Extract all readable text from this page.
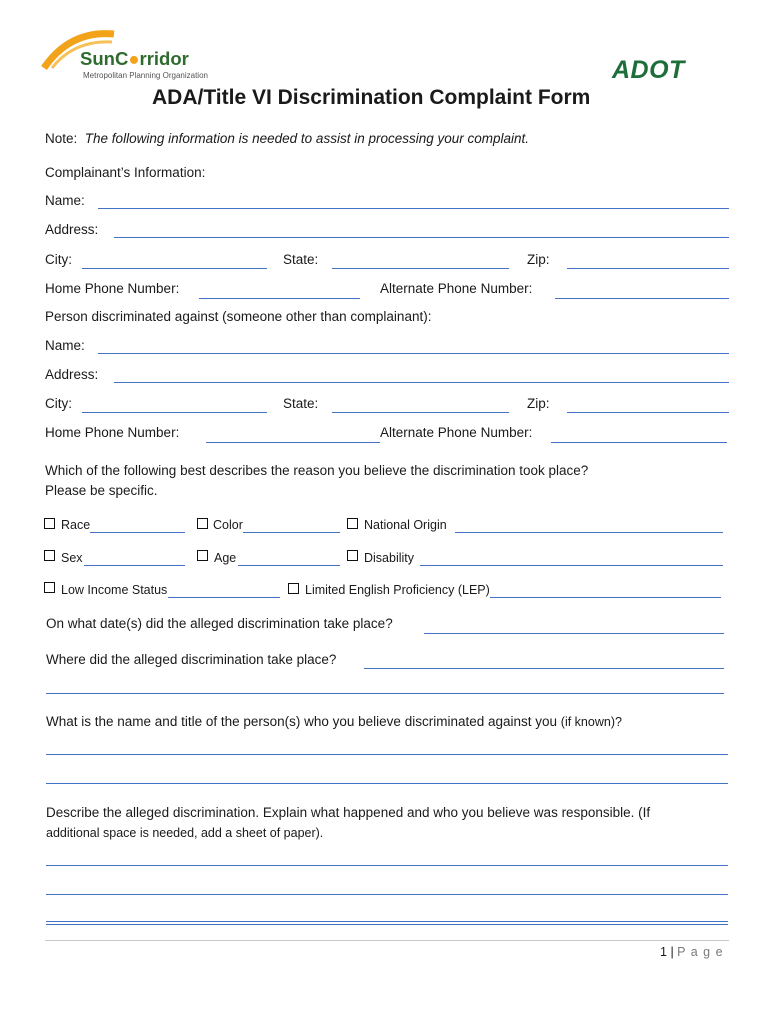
SunC●rridor
Metropolitan Planning Organization	ADOT
ADA/Title VI Discrimination Complaint Form
Note: The following information is needed to assist in processing your complaint.
Complainant’s Information:
Name:
Address:
City:	State:	Zip:
Home Phone Number:	Alternate Phone Number:
Person discriminated against (someone other than complainant):
Name:
Address:
City:	State:	Zip:
Home Phone Number:	Alternate Phone Number:
Which of the following best describes the reason you believe the discrimination took place?
Please be specific.
Race	Color	National Origin
Sex	Age	Disability
Low Income Status	Limited English Proficiency (LEP)
On what date(s) did the alleged discrimination take place?
Where did the alleged discrimination take place?
What is the name and title of the person(s) who you believe discriminated against you (if known)?
Describe the alleged discrimination. Explain what happened and who you believe was responsible. (If
additional space is needed, add a sheet of paper).
1 | P a g e
